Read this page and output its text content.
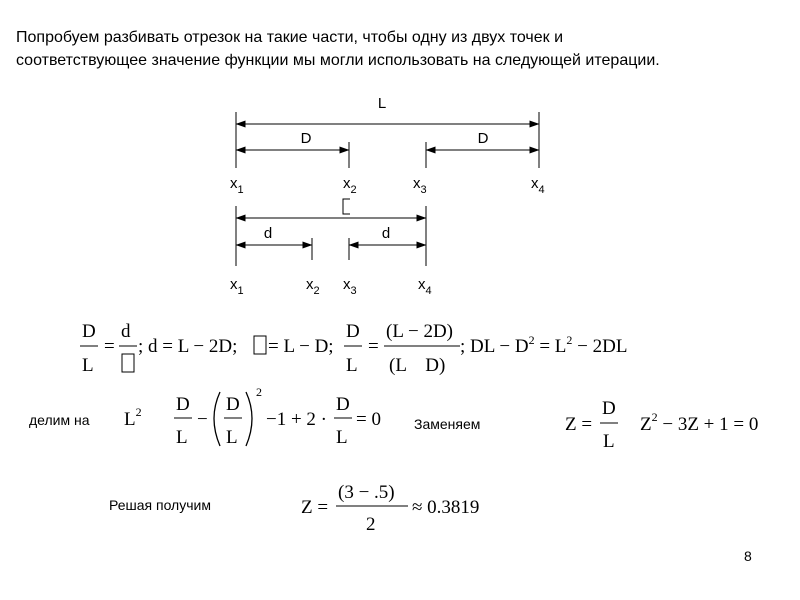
Попробуем разбивать отрезок на такие части, чтобы одну из двух точек и
соответствующее значение функции мы могли использовать на следующей итерации.
L
D	D
$x_1$	$x_2$	$x_3$	$x_4$
d	d
$x_1$	$x_2$ $x_3$	$x_4$
D
L
=
d
; d = L − 2D; = L − D;
D
L
=
(L − 2D)
(L    D)
; DL − $D^2 = L^2 - 2DL$
$L^2$ D
L
−
D
L
2
−1 + 2 ·
D
L
= 0	Z =
D
L
$Z^2 - 3Z + 1 = 0$
Z =
(3 − .5)
2
≈ 0.3819
делим на	Заменяем
Решая получим
8
